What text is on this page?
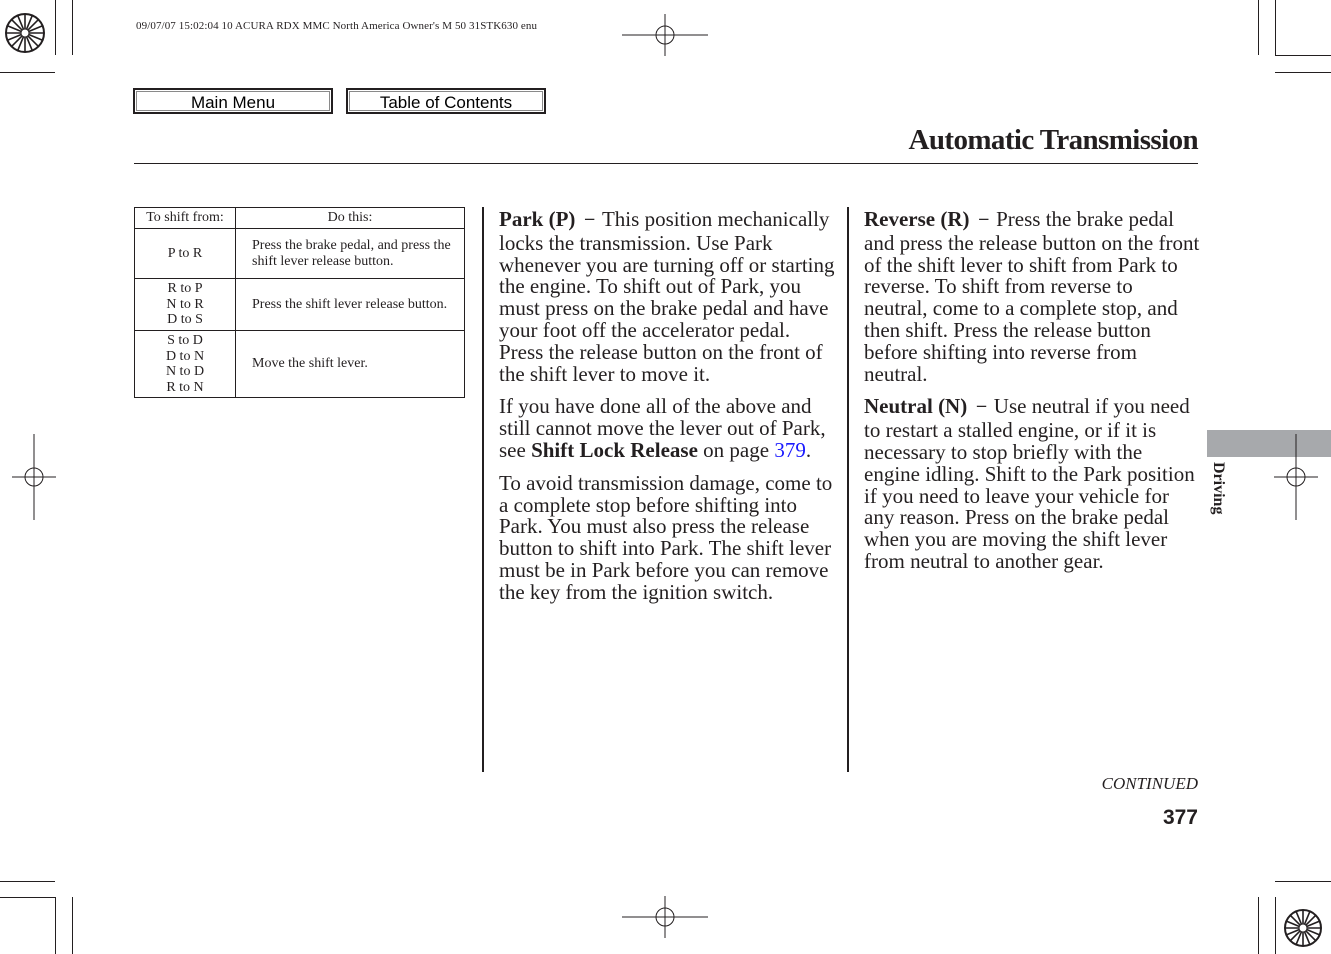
09/07/07 15:02:04 10 ACURA RDX MMC North America Owner's M 50 31STK630 enu
Main Menu	Table of Contents
Automatic Transmission
To shift from:	Do this:

P to R	Press the brake pedal, and press the shift lever release button.

R to P
N to R
D to S	Press the shift lever release button.

S to D
D to N
N to D
R to N	Move the shift lever.

Park (P) − This position mechanically locks the transmission. Use Park whenever you are turning off or starting the engine. To shift out of Park, you must press on the brake pedal and have your foot off the accelerator pedal. Press the release button on the front of the shift lever to move it.

If you have done all of the above and still cannot move the lever out of Park, see Shift Lock Release on page 379.

To avoid transmission damage, come to a complete stop before shifting into Park. You must also press the release button to shift into Park. The shift lever must be in Park before you can remove the key from the ignition switch.

Reverse (R) − Press the brake pedal and press the release button on the front of the shift lever to shift from Park to reverse. To shift from reverse to neutral, come to a complete stop, and then shift. Press the release button before shifting into reverse from neutral.

Neutral (N) − Use neutral if you need to restart a stalled engine, or if it is necessary to stop briefly with the engine idling. Shift to the Park position if you need to leave your vehicle for any reason. Press on the brake pedal when you are moving the shift lever from neutral to another gear.

Driving
CONTINUED
377
